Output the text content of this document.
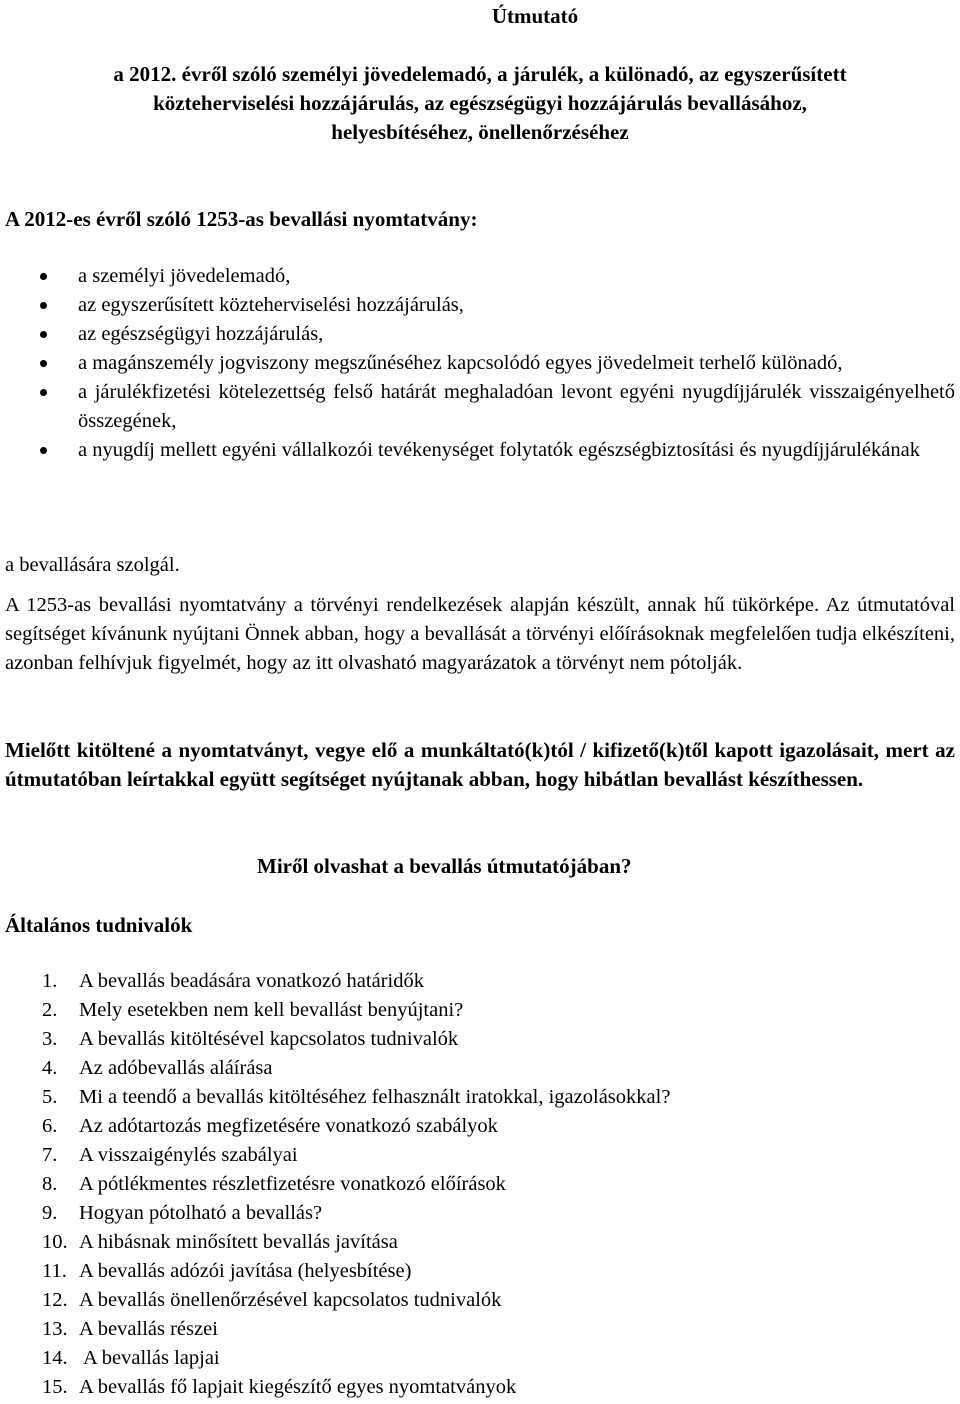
Útmutató
a 2012. évről szóló személyi jövedelemadó, a járulék, a különadó, az egyszerűsített
közteherviselési hozzájárulás, az egészségügyi hozzájárulás bevallásához,
helyesbítéséhez, önellenőrzéséhez
A 2012-es évről szóló 1253-as bevallási nyomtatvány:
a személyi jövedelemadó,
az egyszerűsített közteherviselési hozzájárulás,
az egészségügyi hozzájárulás,
a magánszemély jogviszony megszűnéséhez kapcsolódó egyes jövedelmeit terhelő különadó,
a járulékfizetési kötelezettség felső határát meghaladóan levont egyéni nyugdíjjárulék visszaigényelhető összegének,
a nyugdíj mellett egyéni vállalkozói tevékenységet folytatók egészségbiztosítási és nyugdíjjárulékának
a bevallására szolgál.
A 1253-as bevallási nyomtatvány a törvényi rendelkezések alapján készült, annak hű tükörképe. Az útmutatóval segítséget kívánunk nyújtani Önnek abban, hogy a bevallását a törvényi előírásoknak megfelelően tudja elkészíteni, azonban felhívjuk figyelmét, hogy az itt olvasható magyarázatok a törvényt nem pótolják.
Mielőtt kitöltené a nyomtatványt, vegye elő a munkáltató(k)tól / kifizető(k)től kapott igazolásait, mert az útmutatóban leírtakkal együtt segítséget nyújtanak abban, hogy hibátlan bevallást készíthessen.
Miről olvashat a bevallás útmutatójában?
Általános tudnivalók
1. A bevallás beadására vonatkozó határidők
2. Mely esetekben nem kell bevallást benyújtani?
3. A bevallás kitöltésével kapcsolatos tudnivalók
4. Az adóbevallás aláírása
5. Mi a teendő a bevallás kitöltéséhez felhasznált iratokkal, igazolásokkal?
6. Az adótartozás megfizetésére vonatkozó szabályok
7. A visszaigénylés szabályai
8. A pótlékmentes részletfizetésre vonatkozó előírások
9. Hogyan pótolható a bevallás?
10. A hibásnak minősített bevallás javítása
11. A bevallás adózói javítása (helyesbítése)
12. A bevallás önellenőrzésével kapcsolatos tudnivalók
13. A bevallás részei
14. A bevallás lapjai
15. A bevallás fő lapjait kiegészítő egyes nyomtatványok
